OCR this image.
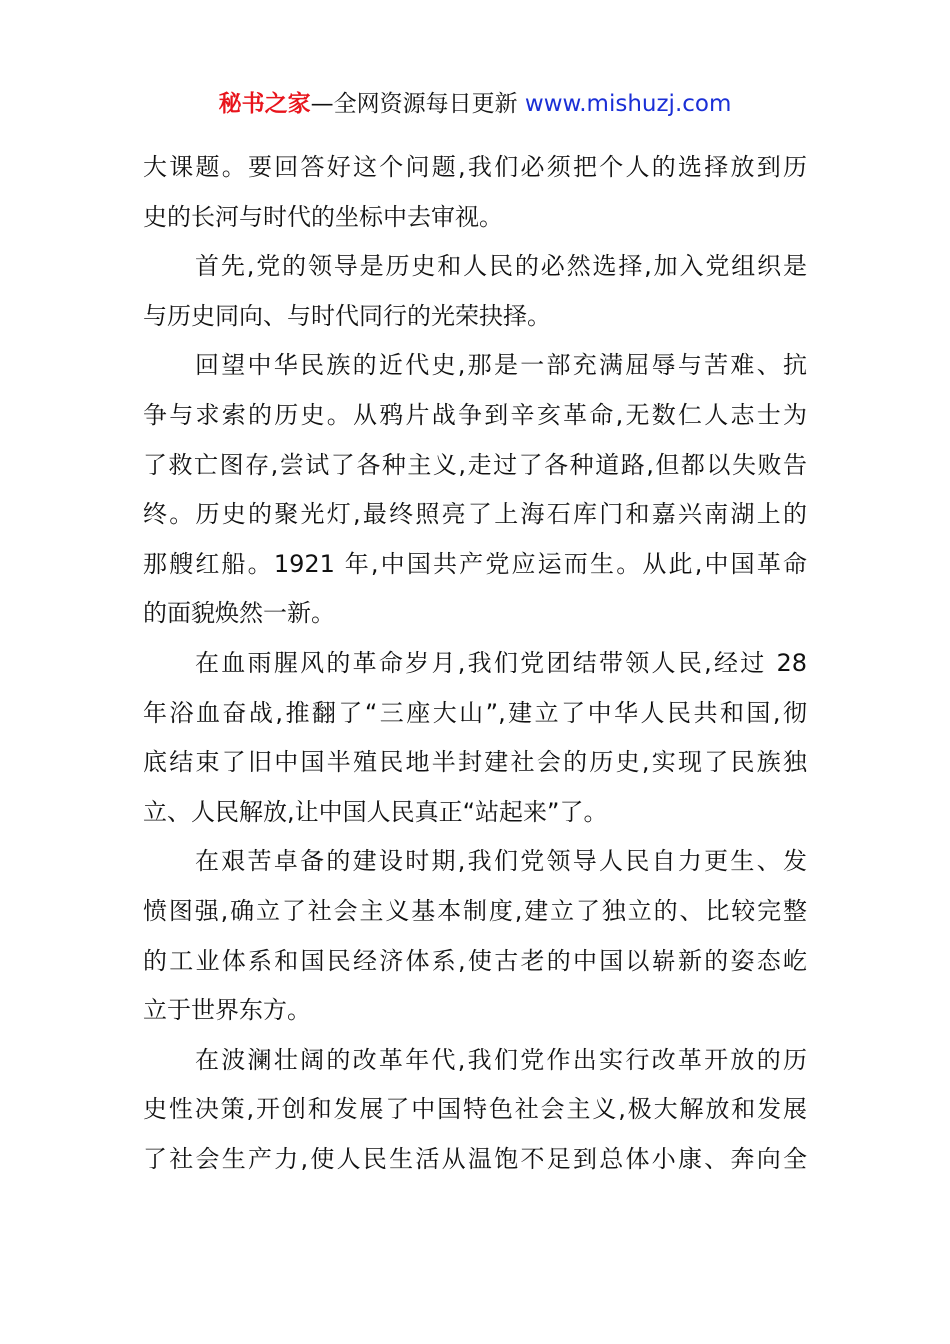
秘书之家—全网资源每日更新 www.mishuzj.com
大课题。要回答好这个问题,我们必须把个人的选择放到历
史的长河与时代的坐标中去审视。
首先,党的领导是历史和人民的必然选择,加入党组织是
与历史同向、与时代同行的光荣抉择。
回望中华民族的近代史,那是一部充满屈辱与苦难、抗
争与求索的历史。从鸦片战争到辛亥革命,无数仁人志士为
了救亡图存,尝试了各种主义,走过了各种道路,但都以失败告
终。历史的聚光灯,最终照亮了上海石库门和嘉兴南湖上的
那艘红船。1921 年,中国共产党应运而生。从此,中国革命
的面貌焕然一新。
在血雨腥风的革命岁月,我们党团结带领人民,经过 28
年浴血奋战,推翻了“三座大山”,建立了中华人民共和国,彻
底结束了旧中国半殖民地半封建社会的历史,实现了民族独
立、人民解放,让中国人民真正“站起来”了。
在艰苦卓备的建设时期,我们党领导人民自力更生、发
愤图强,确立了社会主义基本制度,建立了独立的、比较完整
的工业体系和国民经济体系,使古老的中国以崭新的姿态屹
立于世界东方。
在波澜壮阔的改革年代,我们党作出实行改革开放的历
史性决策,开创和发展了中国特色社会主义,极大解放和发展
了社会生产力,使人民生活从温饱不足到总体小康、奔向全
